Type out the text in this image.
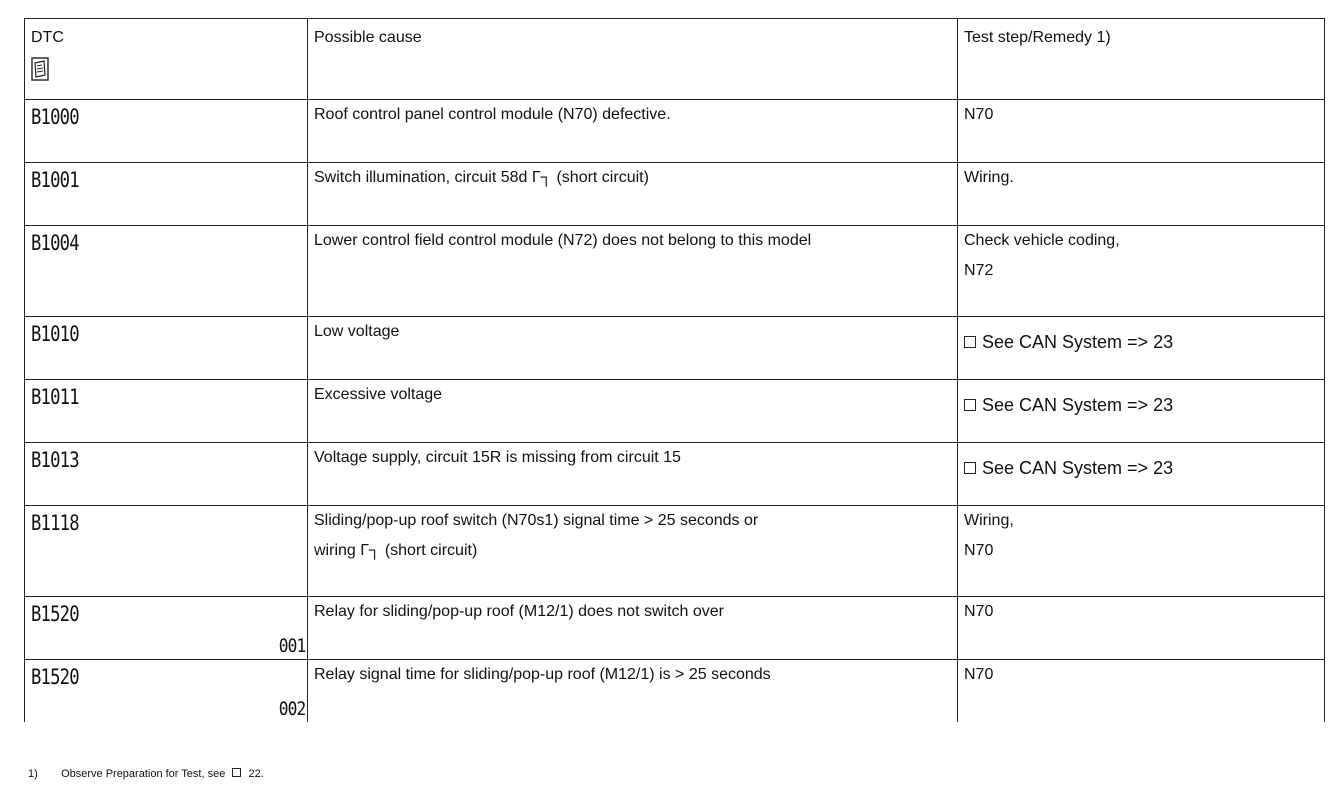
DTC	Possible cause	Test step/Remedy 1)
B1000	Roof control panel control module (N70) defective.	N70

B1001	Switch illumination, circuit 58d Γ┐ (short circuit)	Wiring.

B1004	Lower control field control module (N72) does not belong to this model	Check vehicle coding,
N72

B1010	Low voltage	See CAN System => 23

B1011	Excessive voltage	See CAN System => 23

B1013	Voltage supply, circuit 15R is missing from circuit 15	See CAN System => 23

B1118	Sliding/pop-up roof switch (N70s1) signal time > 25 seconds or
wiring Γ┐ (short circuit)	Wiring,
N70

B1520
001	Relay for sliding/pop-up roof (M12/1) does not switch over	N70

B1520
002	Relay signal time for sliding/pop-up roof (M12/1) is > 25 seconds	N70
1) Observe Preparation for Test, see 22.
